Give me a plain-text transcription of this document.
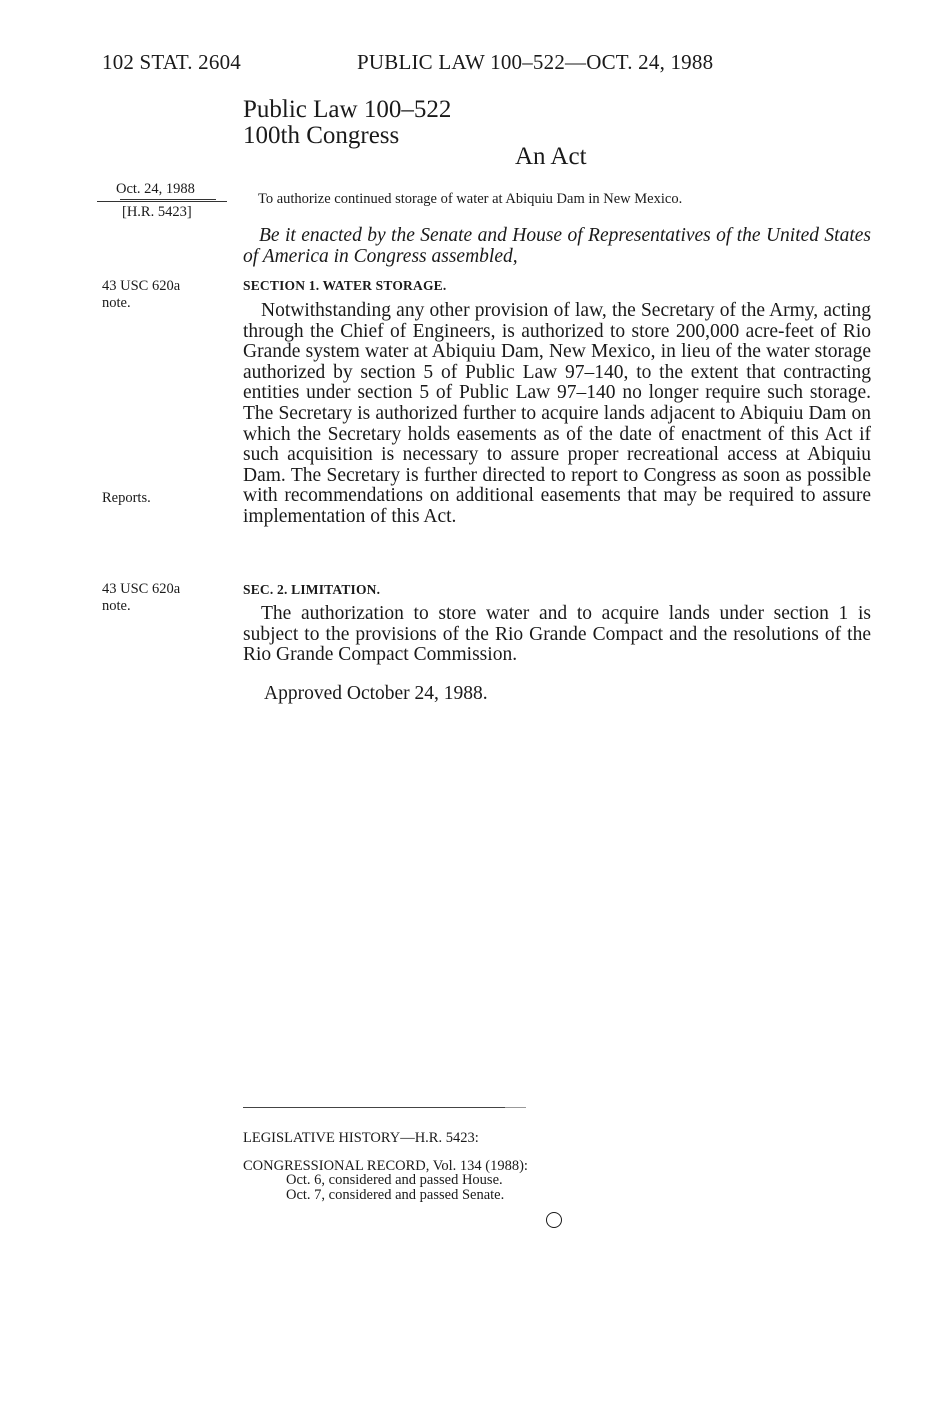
102 STAT. 2604	PUBLIC LAW 100–522—OCT. 24, 1988
Public Law 100–522
100th Congress
An Act
Oct. 24, 1988
[H.R. 5423]
43 USC 620a
note.
Reports.
43 USC 620a
note.
To authorize continued storage of water at Abiquiu Dam in New Mexico.
Be it enacted by the Senate and House of Representatives of the United States of America in Congress assembled,
SECTION 1. WATER STORAGE.
Notwithstanding any other provision of law, the Secretary of the Army, acting through the Chief of Engineers, is authorized to store 200,000 acre-feet of Rio Grande system water at Abiquiu Dam, New Mexico, in lieu of the water storage authorized by section 5 of Public Law 97–140, to the extent that contracting entities under section 5 of Public Law 97–140 no longer require such storage. The Secretary is authorized further to acquire lands adjacent to Abiquiu Dam on which the Secretary holds easements as of the date of enactment of this Act if such acquisition is necessary to assure proper recreational access at Abiquiu Dam. The Secretary is further directed to report to Congress as soon as possible with recommendations on additional easements that may be required to assure implementation of this Act.
SEC. 2. LIMITATION.
The authorization to store water and to acquire lands under section 1 is subject to the provisions of the Rio Grande Compact and the resolutions of the Rio Grande Compact Commission.
Approved October 24, 1988.
LEGISLATIVE HISTORY—H.R. 5423:
CONGRESSIONAL RECORD, Vol. 134 (1988):
Oct. 6, considered and passed House.
Oct. 7, considered and passed Senate.
